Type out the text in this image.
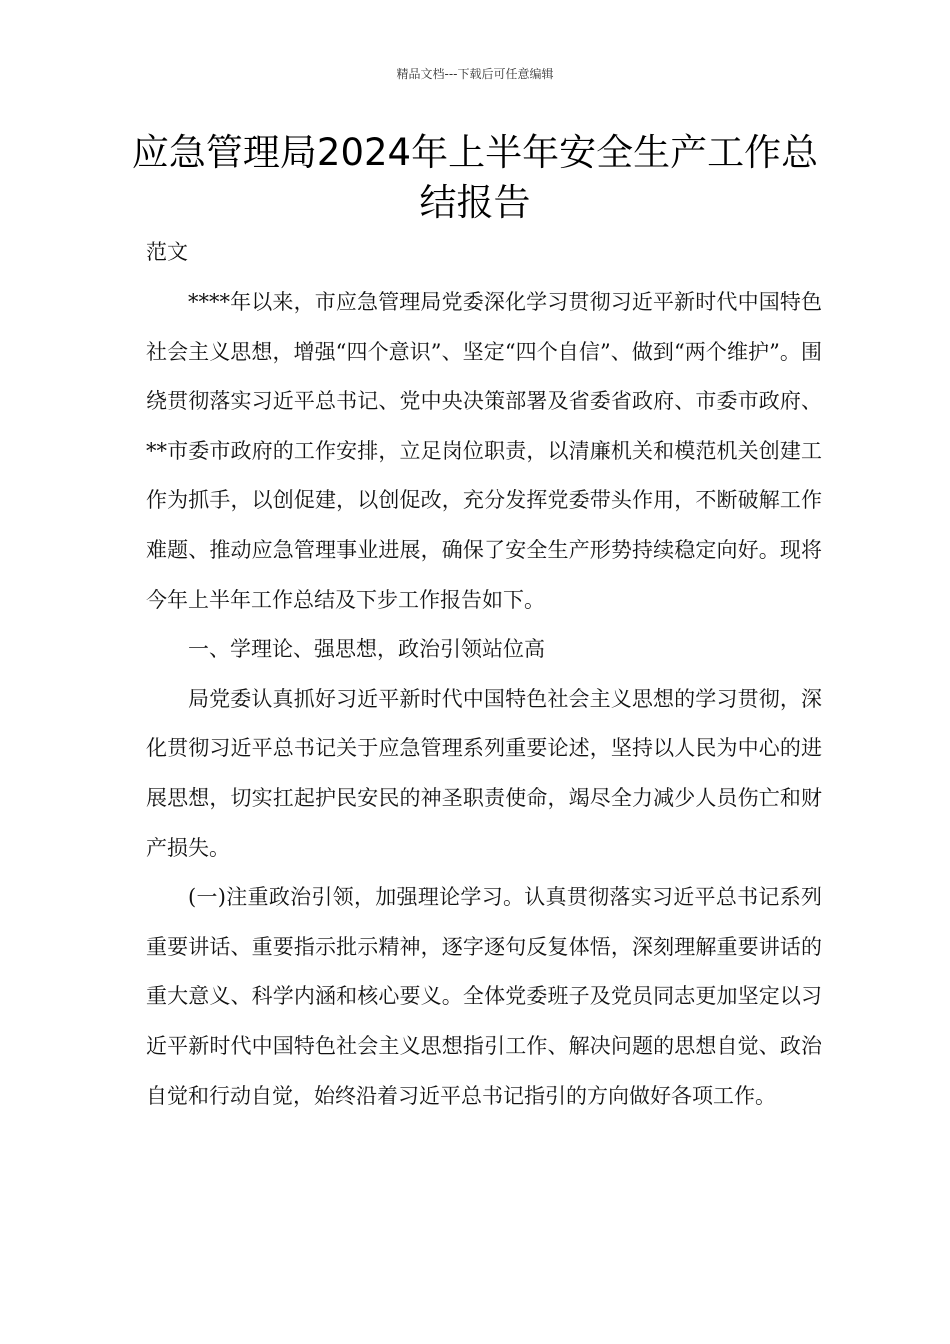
精品文档---下载后可任意编辑
应急管理局2024年上半年安全生产工作总结报告
范文

****年以来，市应急管理局党委深化学习贯彻习近平新时代中国特色社会主义思想，增强“四个意识”、坚定“四个自信”、做到“两个维护”。围绕贯彻落实习近平总书记、党中央决策部署及省委省政府、市委市政府、**市委市政府的工作安排，立足岗位职责，以清廉机关和模范机关创建工作为抓手，以创促建，以创促改，充分发挥党委带头作用，不断破解工作难题、推动应急管理事业进展，确保了安全生产形势持续稳定向好。现将今年上半年工作总结及下步工作报告如下。

一、学理论、强思想，政治引领站位高

局党委认真抓好习近平新时代中国特色社会主义思想的学习贯彻，深化贯彻习近平总书记关于应急管理系列重要论述，坚持以人民为中心的进展思想，切实扛起护民安民的神圣职责使命，竭尽全力减少人员伤亡和财产损失。

(一)注重政治引领，加强理论学习。认真贯彻落实习近平总书记系列重要讲话、重要指示批示精神，逐字逐句反复体悟，深刻理解重要讲话的重大意义、科学内涵和核心要义。全体党委班子及党员同志更加坚定以习近平新时代中国特色社会主义思想指引工作、解决问题的思想自觉、政治自觉和行动自觉，始终沿着习近平总书记指引的方向做好各项工作。
